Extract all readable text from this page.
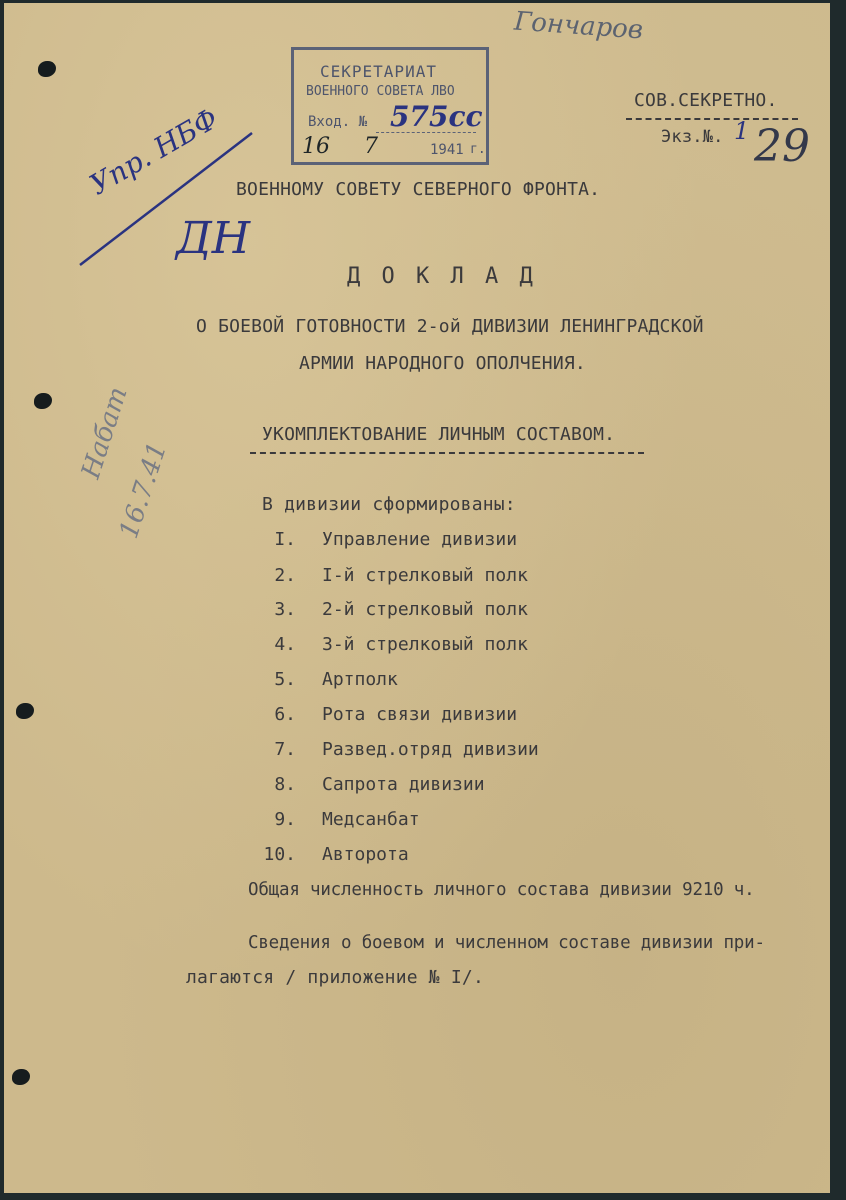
Гончаров
СЕКРЕТАРИАТ
ВОЕННОГО СОВЕТА ЛВО
Вход. № 575сс
16 7	1941 г.
СОВ.СЕКРЕТНО.
Экз.№. 1 29
Упр. НБФ
ДН
Набат
16.7.41
ВОЕННОМУ СОВЕТУ СЕВЕРНОГО ФРОНТА.
Д О К Л А Д
О БОЕВОЙ ГОТОВНОСТИ 2-ой ДИВИЗИИ ЛЕНИНГРАДСКОЙ
АРМИИ НАРОДНОГО ОПОЛЧЕНИЯ.
УКОМПЛЕКТОВАНИЕ ЛИЧНЫМ СОСТАВОМ.
В дивизии сформированы:
I. Управление дивизии
2. I-й стрелковый полк
3. 2-й стрелковый полк
4. 3-й стрелковый полк
5. Артполк
6. Рота связи дивизии
7. Развед.отряд дивизии
8. Сапрота дивизии
9. Медсанбат
10. Авторота
Общая численность личного состава дивизии 9210 ч.
Сведения о боевом и численном составе дивизии при-
лагаются / приложение № I/.
